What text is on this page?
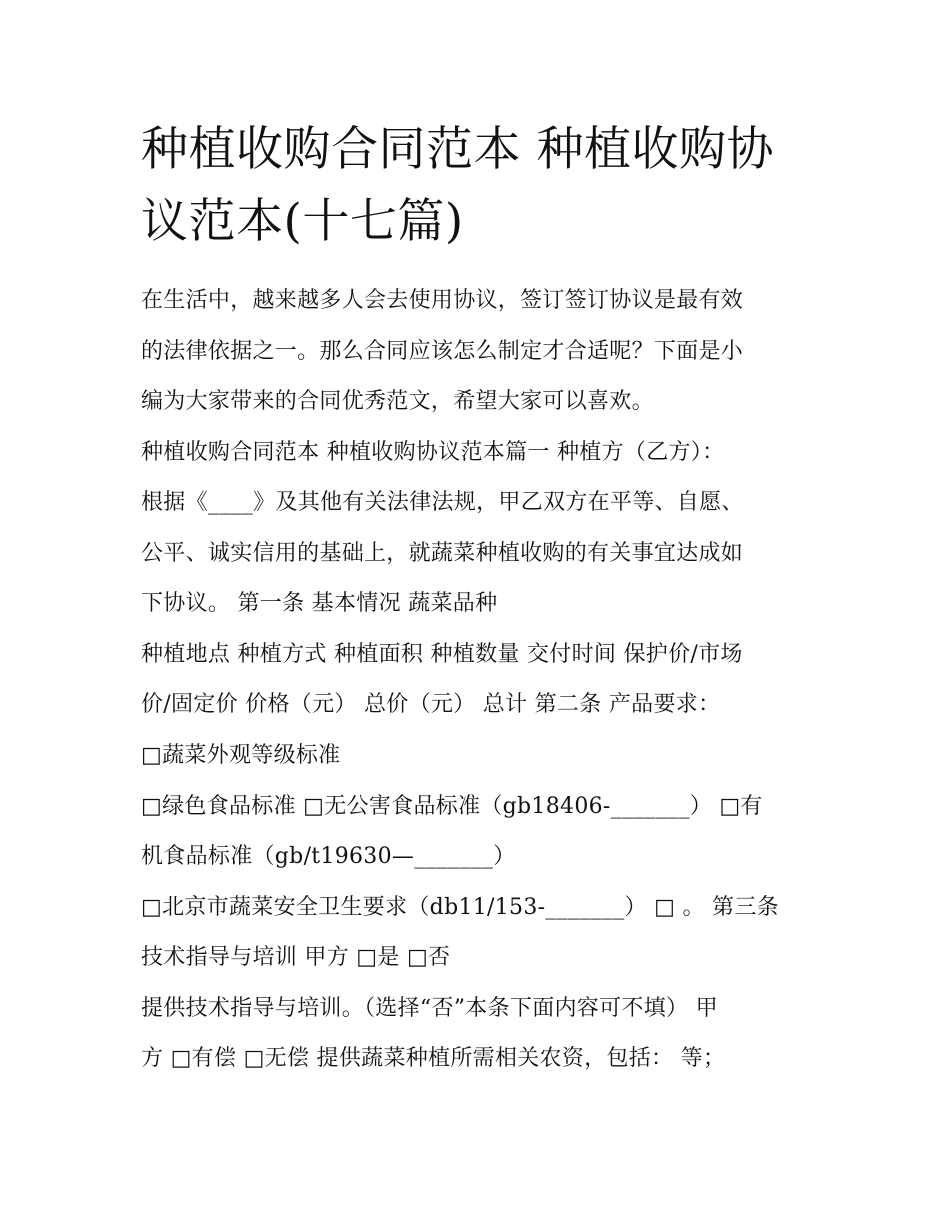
种植收购合同范本 种植收购协
议范本(十七篇)

在生活中，越来越多人会去使用协议，签订签订协议是最有效

的法律依据之一。那么合同应该怎么制定才合适呢？下面是小

编为大家带来的合同优秀范文，希望大家可以喜欢。

种植收购合同范本 种植收购协议范本篇一 种植方（乙方）：

根据《____》及其他有关法律法规，甲乙双方在平等、自愿、

公平、诚实信用的基础上，就蔬菜种植收购的有关事宜达成如

下协议。 第一条 基本情况 蔬菜品种

种植地点 种植方式 种植面积 种植数量 交付时间 保护价/市场

价/固定价 价格（元） 总价（元） 总计 第二条 产品要求：

□蔬菜外观等级标准

□绿色食品标准 □无公害食品标准（gb18406-_______） □有

机食品标准（gb/t19630—_______）

□北京市蔬菜安全卫生要求（db11/153-_______） □ 。 第三条

技术指导与培训 甲方 □是 □否

提供技术指导与培训。（选择“否”本条下面内容可不填） 甲

方 □有偿 □无偿 提供蔬菜种植所需相关农资，包括： 等；
